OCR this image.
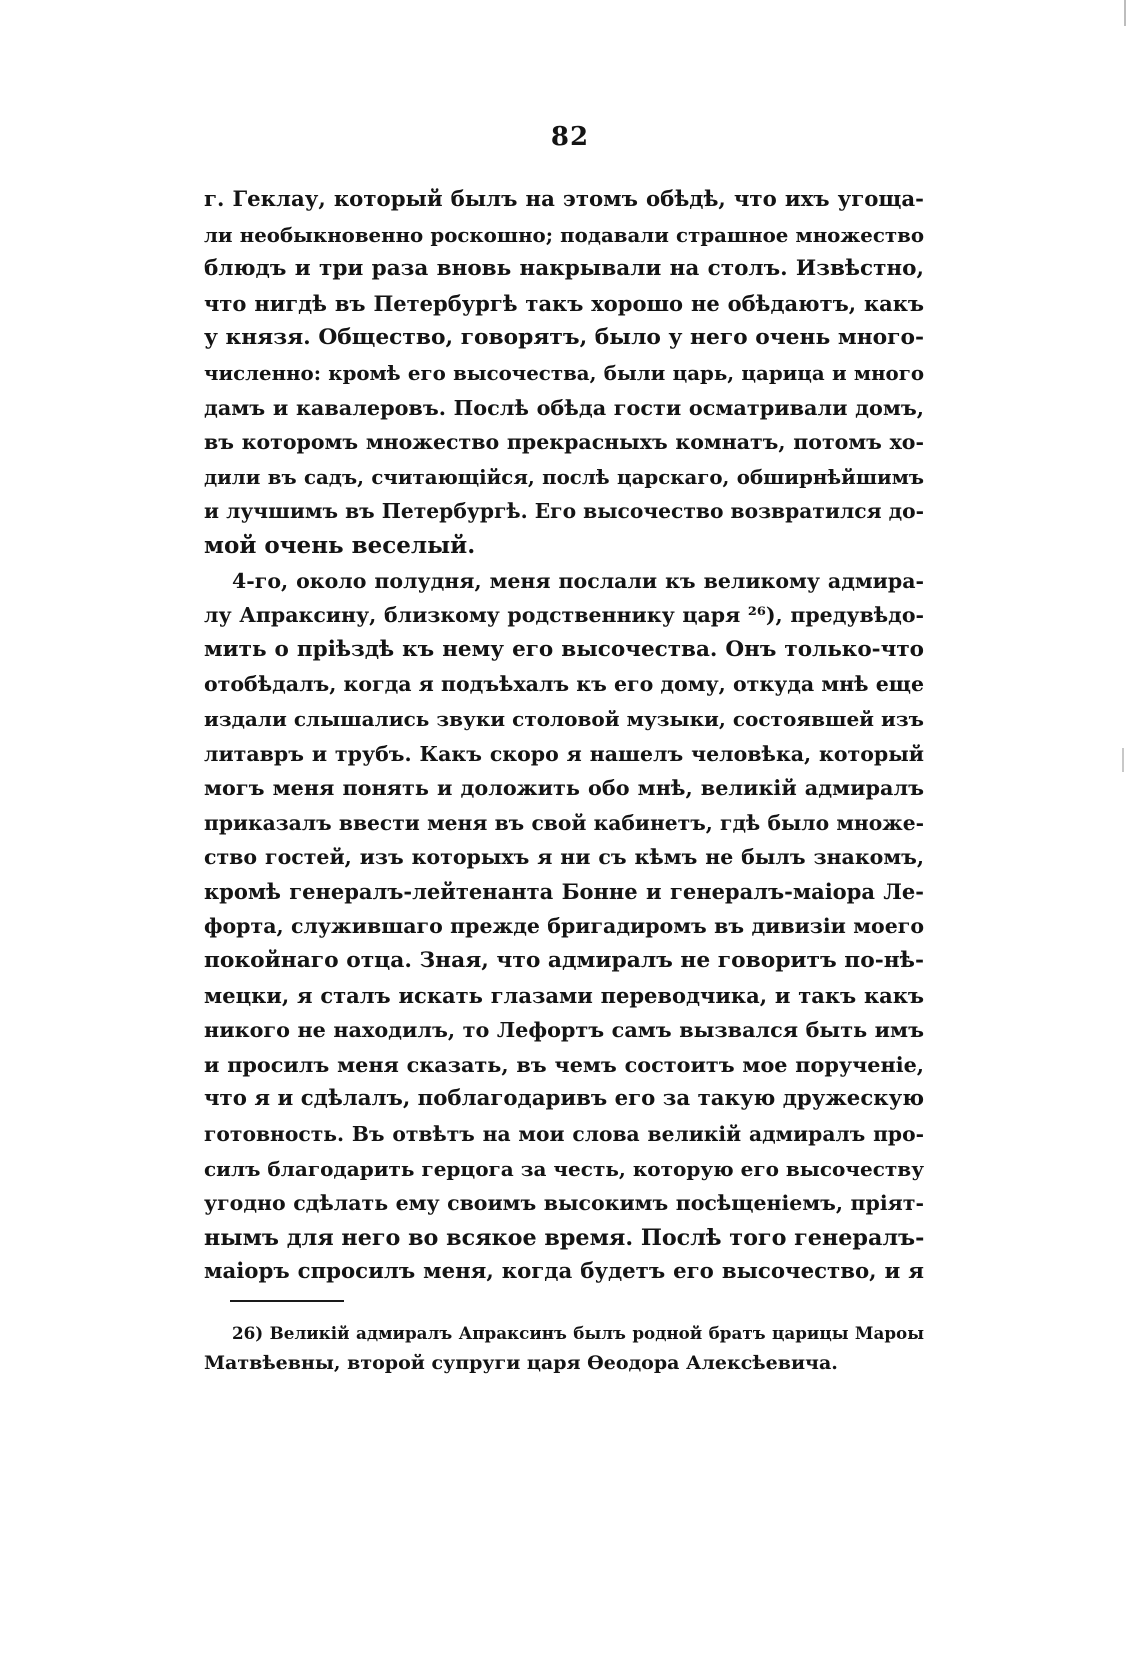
82
г. Геклау, который былъ на этомъ обѣдѣ, что ихъ угоща-
ли необыкновенно роскошно; подавали страшное множество
блюдъ и три раза вновь накрывали на столъ. Извѣстно,
что нигдѣ въ Петербургѣ такъ хорошо не обѣдаютъ, какъ
у князя. Общество, говорятъ, было у него очень много-
численно: кромѣ его высочества, были царь, царица и много
дамъ и кавалеровъ. Послѣ обѣда гости осматривали домъ,
въ которомъ множество прекрасныхъ комнатъ, потомъ хо-
дили въ садъ, считающійся, послѣ царскаго, обширнѣйшимъ
и лучшимъ въ Петербургѣ. Его высочество возвратился до-
мой очень веселый.
4-го, около полудня, меня послали къ великому адмира-
лу Апраксину, близкому родственнику царя ²⁶), предувѣдо-
мить о пріѣздѣ къ нему его высочества. Онъ только-что
отобѣдалъ, когда я подъѣхалъ къ его дому, откуда мнѣ еще
издали слышались звуки столовой музыки, состоявшей изъ
литавръ и трубъ. Какъ скоро я нашелъ человѣка, который
могъ меня понять и доложить обо мнѣ, великій адмиралъ
приказалъ ввести меня въ свой кабинетъ, гдѣ было множе-
ство гостей, изъ которыхъ я ни съ кѣмъ не былъ знакомъ,
кромѣ генералъ-лейтенанта Бонне и генералъ-маіора Ле-
форта, служившаго прежде бригадиромъ въ дивизіи моего
покойнаго отца. Зная, что адмиралъ не говоритъ по-нѣ-
мецки, я сталъ искать глазами переводчика, и такъ какъ
никого не находилъ, то Лефортъ самъ вызвался быть имъ
и просилъ меня сказать, въ чемъ состоитъ мое порученіе,
что я и сдѣлалъ, поблагодаривъ его за такую дружескую
готовность. Въ отвѣтъ на мои слова великій адмиралъ про-
силъ благодарить герцога за честь, которую его высочеству
угодно сдѣлать ему своимъ высокимъ посѣщеніемъ, пріят-
нымъ для него во всякое время. Послѣ того генералъ-
маіоръ спросилъ меня, когда будетъ его высочество, и я
26) Великій адмиралъ Апраксинъ былъ родной братъ царицы Мароы
Матвѣевны, второй супруги царя Ѳеодора Алексѣевича.
